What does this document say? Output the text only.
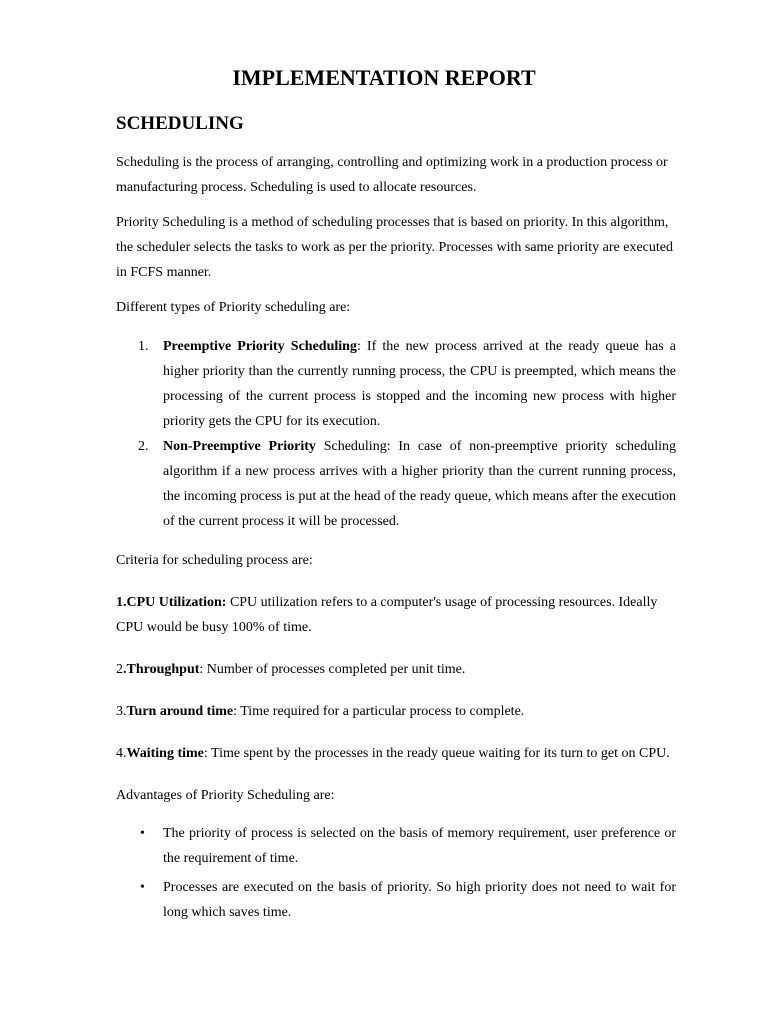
IMPLEMENTATION REPORT
SCHEDULING

Scheduling is the process of arranging, controlling and optimizing work in a production process or manufacturing process. Scheduling is used to allocate resources.

Priority Scheduling is a method of scheduling processes that is based on priority. In this algorithm, the scheduler selects the tasks to work as per the priority. Processes with same priority are executed in FCFS manner.

Different types of Priority scheduling are:

1. Preemptive Priority Scheduling: If the new process arrived at the ready queue has a higher priority than the currently running process, the CPU is preempted, which means the processing of the current process is stopped and the incoming new process with higher priority gets the CPU for its execution.
2. Non-Preemptive Priority Scheduling: In case of non-preemptive priority scheduling algorithm if a new process arrives with a higher priority than the current running process, the incoming process is put at the head of the ready queue, which means after the execution of the current process it will be processed.

Criteria for scheduling process are:

1.CPU Utilization: CPU utilization refers to a computer's usage of processing resources. Ideally CPU would be busy 100% of time.

2.Throughput: Number of processes completed per unit time.

3.Turn around time: Time required for a particular process to complete.

4.Waiting time: Time spent by the processes in the ready queue waiting for its turn to get on CPU.

Advantages of Priority Scheduling are:

• The priority of process is selected on the basis of memory requirement, user preference or the requirement of time.
• Processes are executed on the basis of priority. So high priority does not need to wait for long which saves time.
